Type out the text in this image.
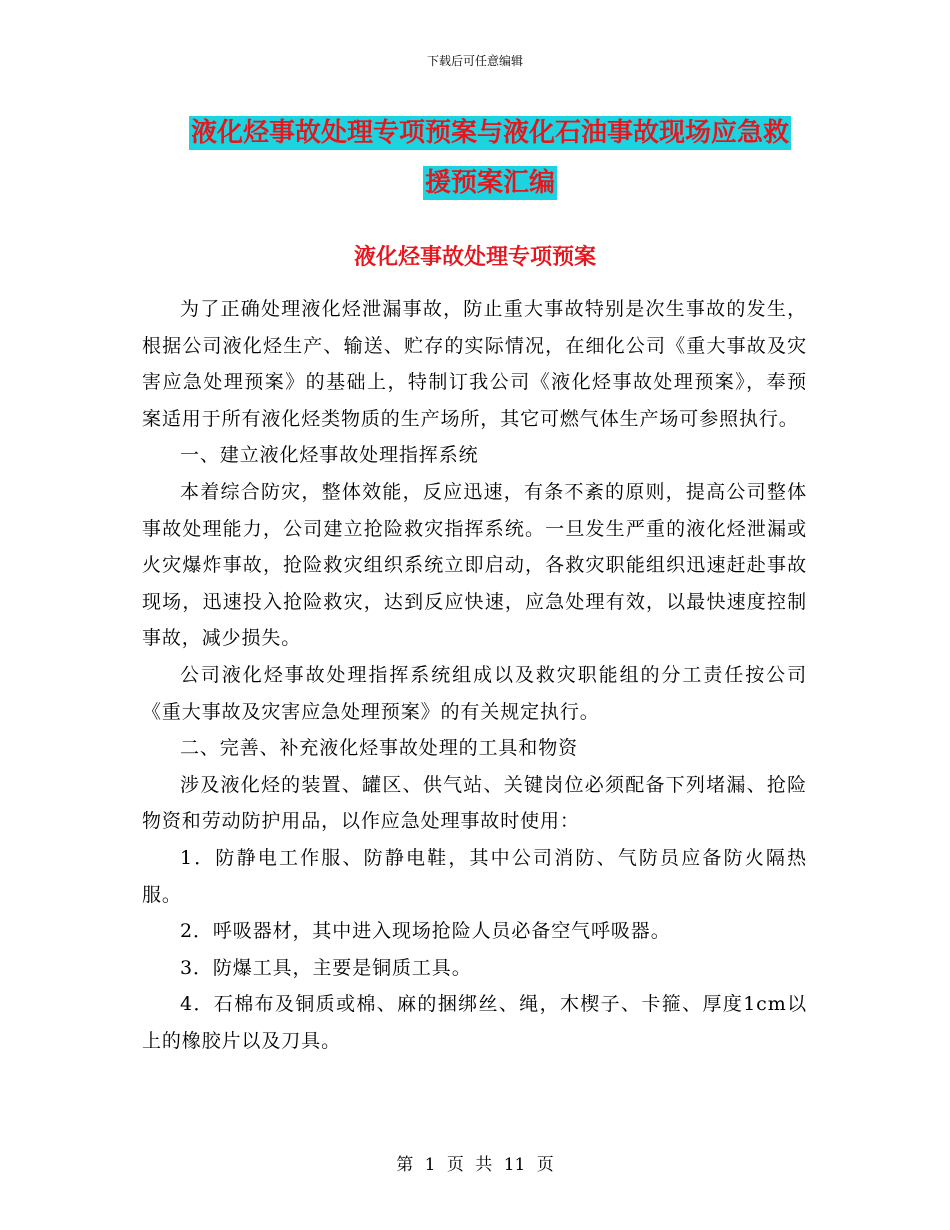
下载后可任意编辑
液化烃事故处理专项预案与液化石油事故现场应急救
援预案汇编
液化烃事故处理专项预案

为了正确处理液化烃泄漏事故，防止重大事故特别是次生事故的发生，根据公司液化烃生产、输送、贮存的实际情况，在细化公司《重大事故及灾害应急处理预案》的基础上，特制订我公司《液化烃事故处理预案》，奉预案适用于所有液化烃类物质的生产场所，其它可燃气体生产场可参照执行。

一、建立液化烃事故处理指挥系统

本着综合防灾，整体效能，反应迅速，有条不紊的原则，提高公司整体事故处理能力，公司建立抢险救灾指挥系统。一旦发生严重的液化烃泄漏或火灾爆炸事故，抢险救灾组织系统立即启动，各救灾职能组织迅速赶赴事故现场，迅速投入抢险救灾，达到反应快速，应急处理有效，以最快速度控制事故，减少损失。

公司液化烃事故处理指挥系统组成以及救灾职能组的分工责任按公司《重大事故及灾害应急处理预案》的有关规定执行。

二、完善、补充液化烃事故处理的工具和物资

涉及液化烃的装置、罐区、供气站、关键岗位必须配备下列堵漏、抢险物资和劳动防护用品，以作应急处理事故时使用：

1．防静电工作服、防静电鞋，其中公司消防、气防员应备防火隔热服。

2．呼吸器材，其中进入现场抢险人员必备空气呼吸器。

3．防爆工具，主要是铜质工具。

4．石棉布及铜质或棉、麻的捆绑丝、绳，木楔子、卡箍、厚度1cm以上的橡胶片以及刀具。

第 1 页 共 11 页
